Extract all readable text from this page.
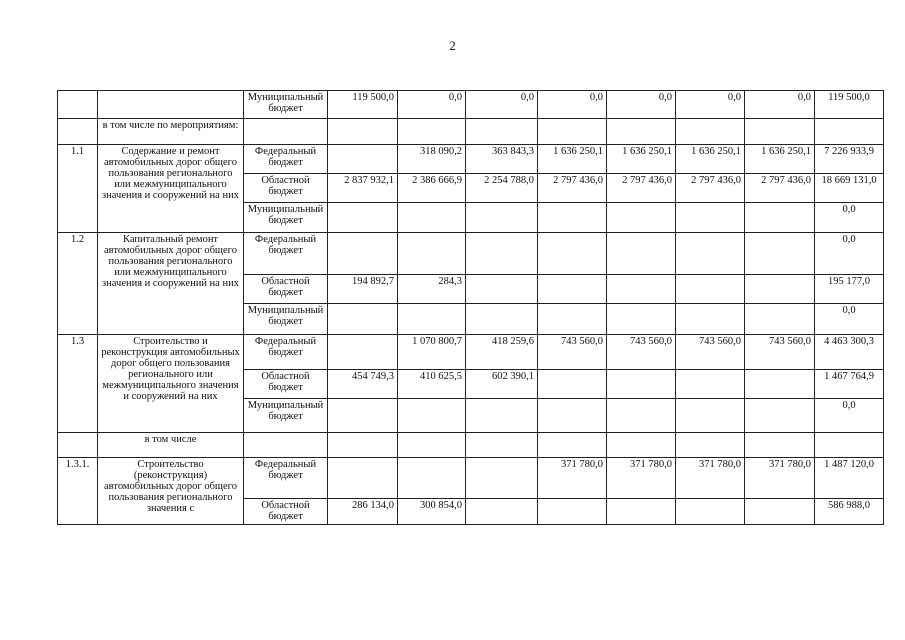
2
		Муниципальный бюджет	119 500,0	0,0	0,0	0,0	0,0	0,0	0,0	119 500,0
	в том числе по мероприятиям:									
1.1	Содержание и ремонт автомобильных дорог общего пользования регионального или межмуниципального значения и сооружений на них	Федеральный бюджет		318 090,2	363 843,3	1 636 250,1	1 636 250,1	1 636 250,1	1 636 250,1	7 226 933,9
		Областной бюджет	2 837 932,1	2 386 666,9	2 254 788,0	2 797 436,0	2 797 436,0	2 797 436,0	2 797 436,0	18 669 131,0
		Муниципальный бюджет								0,0
1.2	Капитальный ремонт автомобильных дорог общего пользования регионального или межмуниципального значения и сооружений на них	Федеральный бюджет								0,0
		Областной бюджет	194 892,7	284,3						195 177,0
		Муниципальный бюджет								0,0
1.3	Строительство и реконструкция автомобильных дорог общего пользования регионального или межмуниципального значения и сооружений на них	Федеральный бюджет		1 070 800,7	418 259,6	743 560,0	743 560,0	743 560,0	743 560,0	4 463 300,3
		Областной бюджет	454 749,3	410 625,5	602 390,1					1 467 764,9
		Муниципальный бюджет								0,0
	в том числе									
1.3.1.	Строительство (реконструкция) автомобильных дорог общего пользования регионального значения с	Федеральный бюджет				371 780,0	371 780,0	371 780,0	371 780,0	1 487 120,0
		Областной бюджет	286 134,0	300 854,0						586 988,0
